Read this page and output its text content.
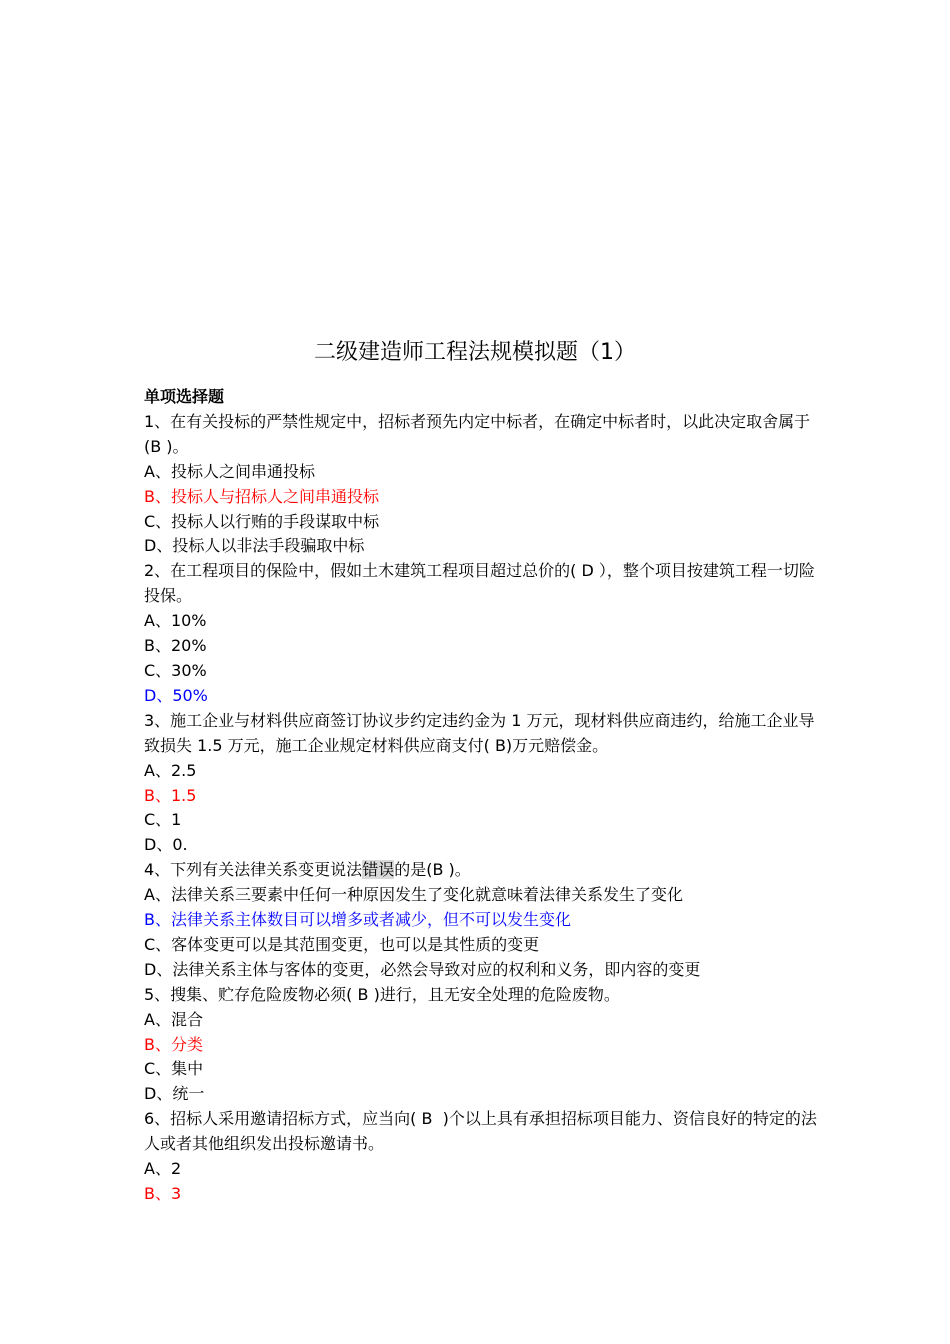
二级建造师工程法规模拟题（1）

单项选择题

1、在有关投标的严禁性规定中，招标者预先内定中标者，在确定中标者时，以此决定取舍属于(B )。

A、投标人之间串通投标

B、投标人与招标人之间串通投标

C、投标人以行贿的手段谋取中标

D、投标人以非法手段骗取中标

2、在工程项目的保险中，假如土木建筑工程项目超过总价的( D ），整个项目按建筑工程一切险投保。

A、10%

B、20%

C、30%

D、50%

3、施工企业与材料供应商签订协议步约定违约金为 1 万元，现材料供应商违约，给施工企业导致损失 1.5 万元，施工企业规定材料供应商支付( B)万元赔偿金。

A、2.5

B、1.5

C、1

D、0.

4、下列有关法律关系变更说法错误的是(B )。

A、法律关系三要素中任何一种原因发生了变化就意味着法律关系发生了变化

B、法律关系主体数目可以增多或者减少，但不可以发生变化

C、客体变更可以是其范围变更，也可以是其性质的变更

D、法律关系主体与客体的变更，必然会导致对应的权利和义务，即内容的变更

5、搜集、贮存危险废物必须( B )进行，且无安全处理的危险废物。

A、混合

B、分类

C、集中

D、统一

6、招标人采用邀请招标方式，应当向( B  )个以上具有承担招标项目能力、资信良好的特定的法人或者其他组织发出投标邀请书。

A、2

B、3
